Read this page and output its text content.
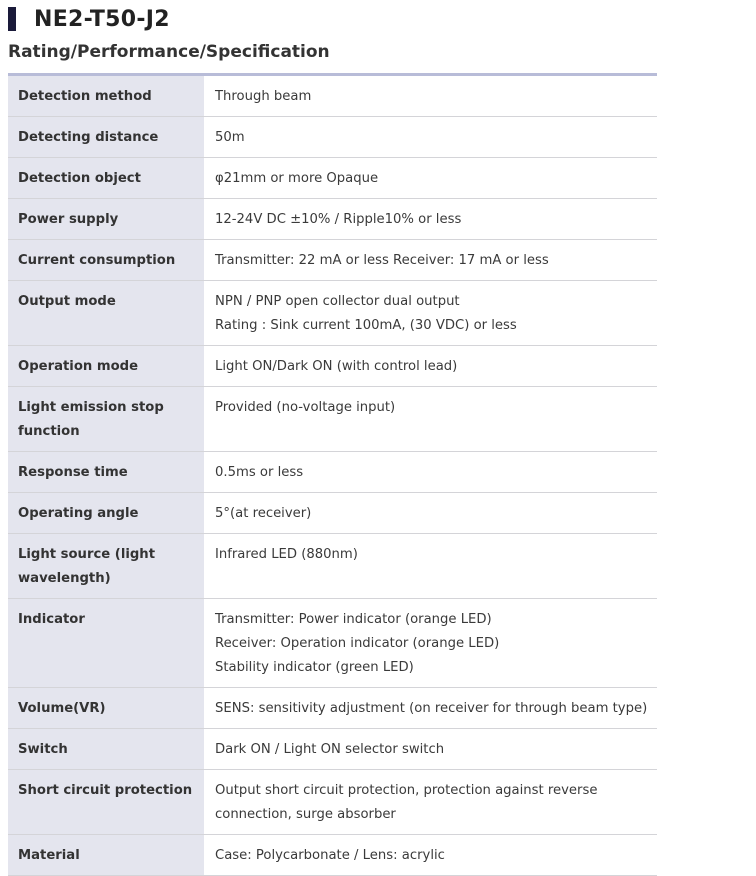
NE2-T50-J2
Rating/Performance/Specification
Detection method	Through beam

Detecting distance	50m

Detection object	φ21mm or more Opaque

Power supply	12-24V DC ±10% / Ripple10% or less

Current consumption	Transmitter: 22 mA or less Receiver: 17 mA or less

Output mode	NPN / PNP open collector dual output
Rating : Sink current 100mA, (30 VDC) or less

Operation mode	Light ON/Dark ON (with control lead)

Light emission stop function	Provided (no-voltage input)

Response time	0.5ms or less

Operating angle	5°(at receiver)

Light source (light wavelength)	Infrared LED (880nm)

Indicator	Transmitter: Power indicator (orange LED)
Receiver: Operation indicator (orange LED)
Stability indicator (green LED)

Volume(VR)	SENS: sensitivity adjustment (on receiver for through beam type)

Switch	Dark ON / Light ON selector switch

Short circuit protection	Output short circuit protection, protection against reverse connection, surge absorber

Material	Case: Polycarbonate / Lens: acrylic
